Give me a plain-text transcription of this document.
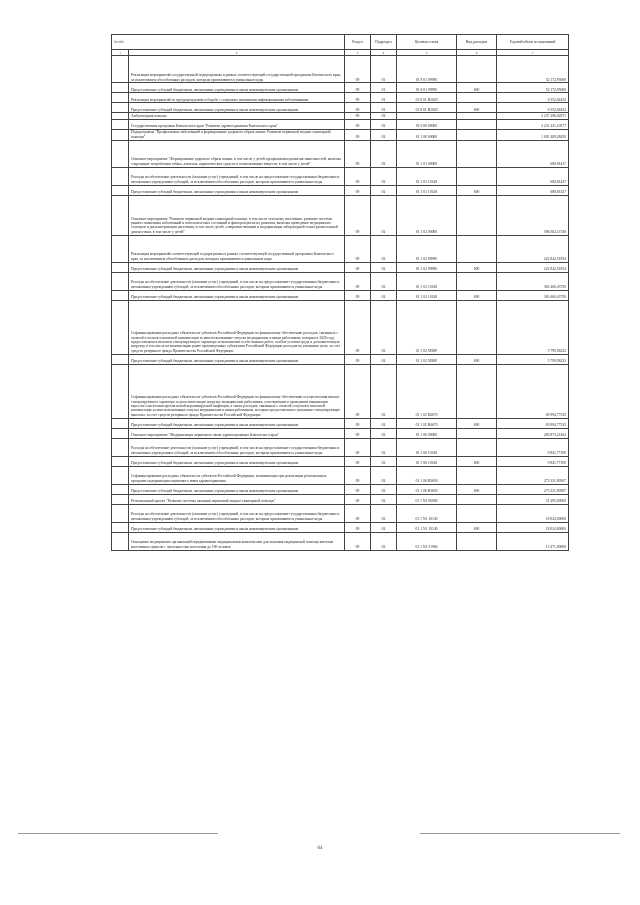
№ п/п		Раздел	Подраздел	Целевая статья	Вид расходов	Годовой объем ассигнований
1	2	3	4	5	6	7
	Реализация мероприятий государственной подпрограммы в рамках соответствующей государственной программы Камчатского края, за исключением обособленных расходов, которым присваиваются уникальные коды	09	01	01 8 01 09990		52 172,95000
	Предоставление субсидий бюджетным, автономным учреждениям и иным некоммерческим организациям	09	01	01 8 01 09990	600	52 172,95000
	Реализация мероприятий по предупреждению и борьбе с социально значимыми инфекционными заболеваниями	09	01	01 8 01 R2020		6 552,92452
	Предоставление субсидий бюджетным, автономным учреждениям и иным некоммерческим организациям	09	01	01 8 01 R2020	600	6 552,92452
	Амбулаторная помощь	09	02			2 237 296,02871
	Государственная программа Камчатского края "Развитие здравоохранения Камчатского края"	09	02	01 0 00 00000		2 231 221,10577
	Подпрограмма "Профилактика заболеваний и формирование здорового образа жизни. Развитие первичной медико-санитарной помощи"	09	02	01 1 00 00000		1 001 409,28450
	Основное мероприятие "Формирование здорового образа жизни, в том числе у детей, профилактика развития зависимостей, включая сокращение потребления табака, алкоголя, наркотических средств и психоактивных веществ, в том числе у детей"	09	02	01 1 01 00000		680,81437
	Расходы на обеспечение деятельности (оказание услуг) учреждений, в том числе на предоставление государственным бюджетным и автономным учреждениям субсидий, за исключением обособленных расходов, которым присваиваются уникальные коды	09	02	01 1 01 10140		680,81437
	Предоставление субсидий бюджетным, автономным учреждениям и иным некоммерческим организациям	09	02	01 1 01 10140	600	680,81437
	Основное мероприятие "Развитие первичной медико-санитарной помощи, в том числе сельскому населению, развитие системы раннего выявления заболеваний и патологических состояний и факторов риска их развития, включая проведение медицинских осмотров и диспансеризации населения, в том числе детей, совершенствование и модернизация лабораторной и инструментальной диагностики, в том числе у детей"	09	02	01 1 02 00000		586 302,11536
	Реализация мероприятий соответствующей подпрограммы в рамках соответствующей государственной программы Камчатского края, за исключением обособленных расходов, которым присваиваются уникальные коды	09	02	01 1 02 09990		222 842,51854
	Предоставление субсидий бюджетным, автономным учреждениям и иным некоммерческим организациям	09	02	01 1 02 09990	600	222 842,51854
	Расходы на обеспечение деятельности (оказание услуг) учреждений, в том числе на предоставление государственным бюджетным и автономным учреждениям субсидий, за исключением обособленных расходов, которым присваиваются уникальные коды	09	02	01 1 02 10140		363 460,43750
	Предоставление субсидий бюджетным, автономным учреждениям и иным некоммерческим организациям	09	02	01 1 02 10140	600	363 460,43750
	Софинансирование расходных обязательств субъектов Российской Федерации по финансовому обеспечению расходов, связанных с оплатой отпусков и выплатой компенсации за неиспользованные отпуска медицинским и иным работникам, которым в 2020 году предоставлялись выплаты стимулирующего характера за выполнение особо важных работ, особые условия труда и дополнительную нагрузку, в том числе на компенсацию ранее произведенных субъектами Российской Федерации расходов на указанные цели, за счет средств резервного фонда Правительства Российской Федерации	09	02	01 1 02 5830F		5 799,58232
	Предоставление субсидий бюджетным, автономным учреждениям и иным некоммерческим организациям	09	02	01 1 02 5830F	600	5 799,58232
	Софинансирование расходных обязательств субъектов Российской Федерации по финансовому обеспечению осуществления выплат стимулирующего характера за дополнительную нагрузку медицинским работникам, участвующим в проведении вакцинации взрослого населения против новой коронавирусной инфекции, а также расходов, связанных с оплатой отпусков и выплатой компенсации за неиспользованные отпуска медицинским и иным работникам, которым предоставлялись указанные стимулирующие выплаты, за счет средств резервного фонда Правительства Российской Федерации	09	02	01 1 02 R4670		83 994,77525
	Предоставление субсидий бюджетным, автономным учреждениям и иным некоммерческим организациям	09	02	01 1 02 R4670	600	83 994,77525
	Основное мероприятие "Модернизация первичного звена здравоохранения Камчатского края"	09	02	01 1 06 00000		283 873,21462
	Расходы на обеспечение деятельности (оказание услуг) учреждений, в том числе на предоставление государственным бюджетным и автономным учреждениям субсидий, за исключением обособленных расходов, которым присваиваются уникальные коды	09	02	01 1 06 10140		9 841,77100
	Предоставление субсидий бюджетным, автономным учреждениям и иным некоммерческим организациям	09	02	01 1 06 10140	600	9 841,77100
	Софинансирование расходных обязательств субъектов Российской Федерации, возникающих при реализации региональных программ модернизации первичного звена здравоохранения	09	02	01 1 06 R3650		273 331,90507
	Предоставление субсидий бюджетным, автономным учреждениям и иным некоммерческим организациям	09	02	01 1 06 R3650	600	273 331,90507
	Региональный проект "Развитие системы оказания первичной медико-санитарной помощи"	09	02	01 1 N1 00000		31 495,00000
	Расходы на обеспечение деятельности (оказание услуг) учреждений, в том числе на предоставление государственным бюджетным и автономным учреждениям субсидий, за исключением обособленных расходов, которым присваиваются уникальные коды	09	02	01 1 N1 10140		18 024,00000
	Предоставление субсидий бюджетным, автономным учреждениям и иным некоммерческим организациям	09	02	01 1 N1 10140	600	18 024,00000
	Оснащение медицинских организаций передвижными медицинскими комплексами для оказания медицинской помощи жителям населенных пунктов с численностью населения до 100 человек	09	02	01 1 N1 51960		13 471,00000
64
